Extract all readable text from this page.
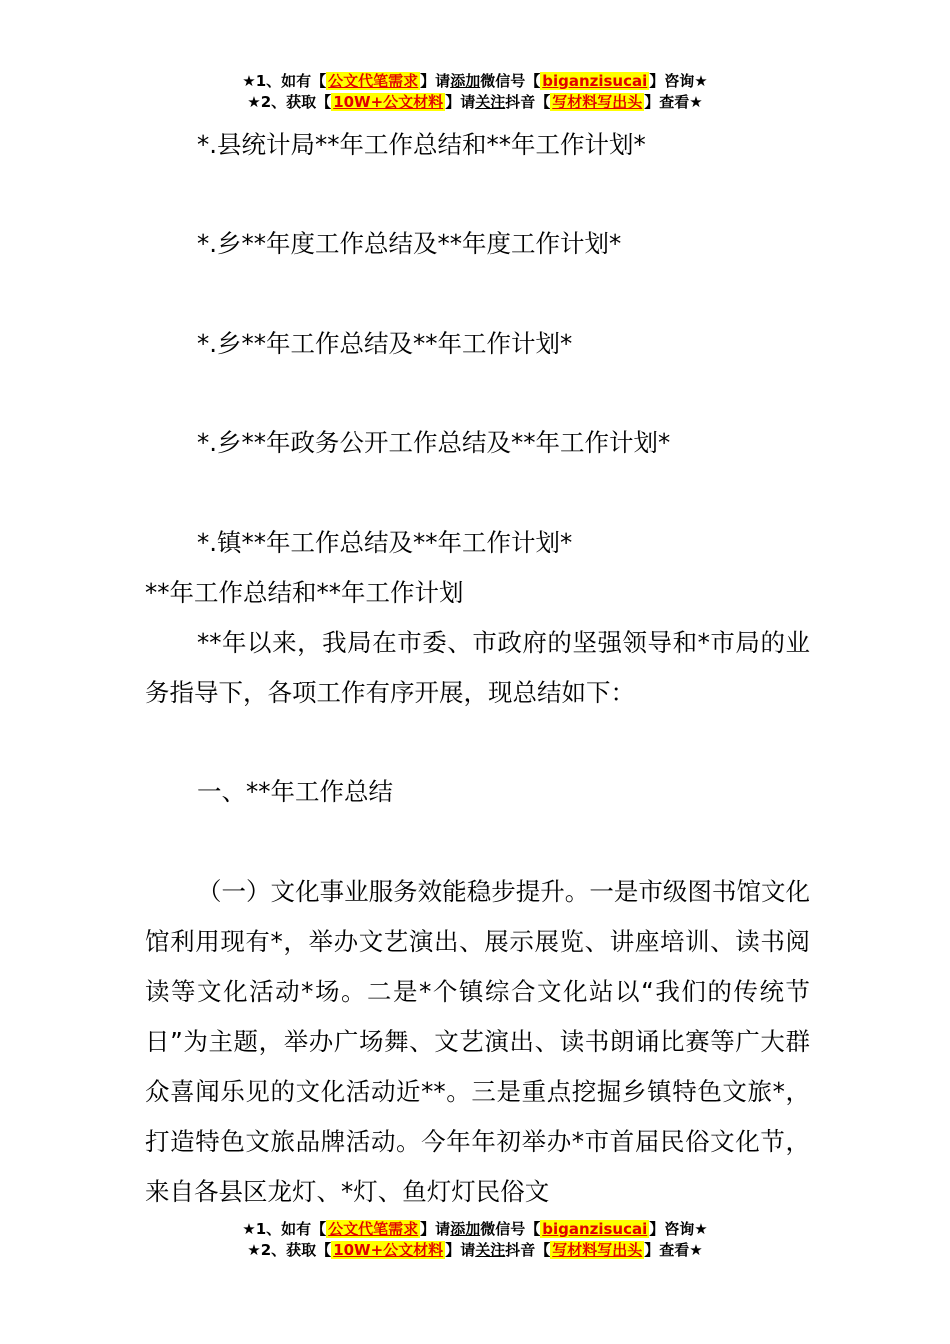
★1、如有【 公文代笔需求 】请添加微信号【 biganzisucai 】咨询★
★2、获取【 10W+公文材料 】请关注抖音【 写材料写出头 】查看★
*.县统计局**年工作总结和**年工作计划*
*.乡**年度工作总结及**年度工作计划*
*.乡**年工作总结及**年工作计划*
*.乡**年政务公开工作总结及**年工作计划*
*.镇**年工作总结及**年工作计划*
**年工作总结和**年工作计划

**年以来，我局在市委、市政府的坚强领导和*市局的业务指导下，各项工作有序开展，现总结如下：

一、**年工作总结

（一）文化事业服务效能稳步提升。一是市级图书馆文化馆利用现有*，举办文艺演出、展示展览、讲座培训、读书阅读等文化活动*场。二是*个镇综合文化站以“我们的传统节日”为主题，举办广场舞、文艺演出、读书朗诵比赛等广大群众喜闻乐见的文化活动近**。三是重点挖掘乡镇特色文旅*，打造特色文旅品牌活动。今年年初举办*市首届民俗文化节，来自各县区龙灯、*灯、鱼灯灯民俗文

★1、如有【 公文代笔需求 】请添加微信号【 biganzisucai 】咨询★
★2、获取【 10W+公文材料 】请关注抖音【 写材料写出头 】查看★
